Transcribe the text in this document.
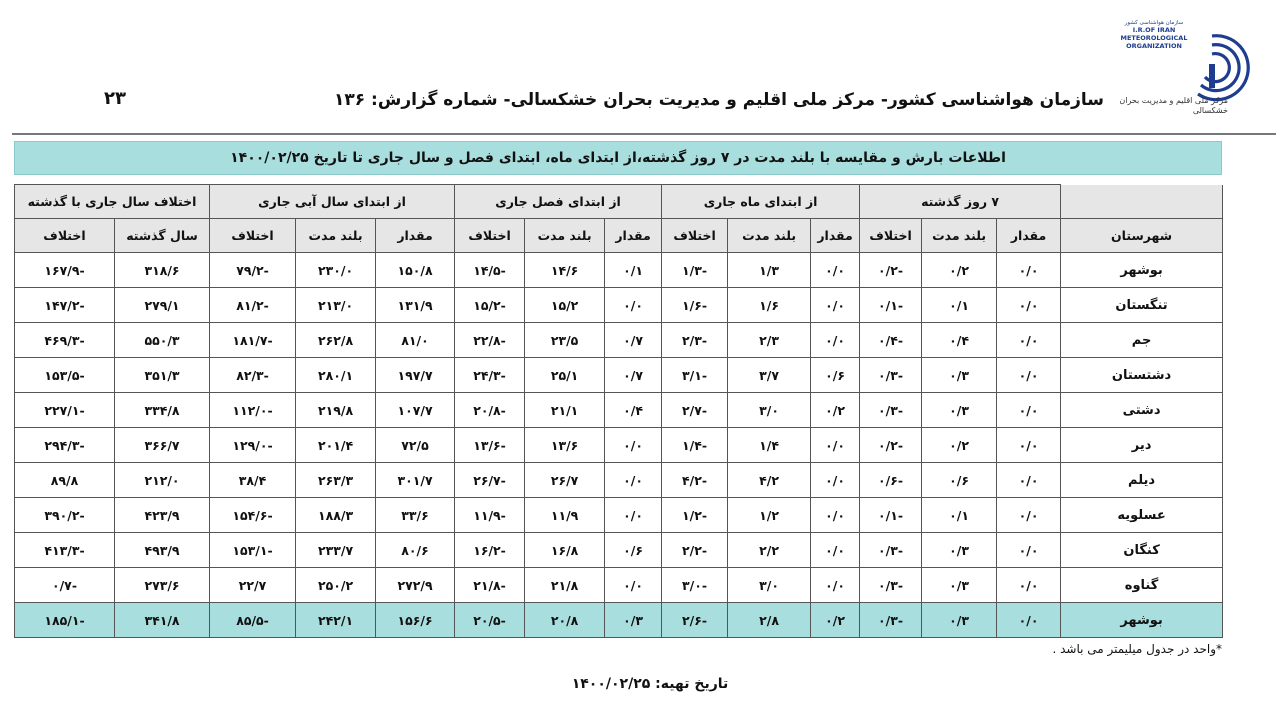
۲۳	سازمان هواشناسی کشور- مرکز ملی اقلیم و مدیریت بحران خشکسالی- شماره گزارش: ۱۳۶
سازمان هواشناسی کشور
I.R.OF IRAN
METEOROLOGICAL
ORGANIZATION
مرکز ملی اقلیم و مدیریت بحران خشکسالی
اطلاعات بارش و مقایسه با بلند مدت در ۷ روز گذشته،از ابتدای ماه، ابتدای فصل و سال جاری تا تاریخ ۱۴۰۰/۰۲/۲۵
	۷ روز گذشته			از ابتدای ماه جاری			از ابتدای فصل جاری			از ابتدای سال آبی جاری			اختلاف سال جاری با گذشته	
شهرستان	مقدار	بلند مدت	اختلاف	مقدار	بلند مدت	اختلاف	مقدار	بلند مدت	اختلاف	مقدار	بلند مدت	اختلاف	سال گذشته	اختلاف
بوشهر	۰/۰	۰/۲	-۰/۲	۰/۰	۱/۳	-۱/۳	۰/۱	۱۴/۶	-۱۴/۵	۱۵۰/۸	۲۳۰/۰	-۷۹/۲	۳۱۸/۶	-۱۶۷/۹
تنگستان	۰/۰	۰/۱	-۰/۱	۰/۰	۱/۶	-۱/۶	۰/۰	۱۵/۲	-۱۵/۲	۱۳۱/۹	۲۱۳/۰	-۸۱/۲	۲۷۹/۱	-۱۴۷/۲
جم	۰/۰	۰/۴	-۰/۴	۰/۰	۲/۳	-۲/۳	۰/۷	۲۳/۵	-۲۲/۸	۸۱/۰	۲۶۲/۸	-۱۸۱/۷	۵۵۰/۳	-۴۶۹/۳
دشتستان	۰/۰	۰/۳	-۰/۳	۰/۶	۳/۷	-۳/۱	۰/۷	۲۵/۱	-۲۴/۳	۱۹۷/۷	۲۸۰/۱	-۸۲/۳	۳۵۱/۳	-۱۵۳/۵
دشتی	۰/۰	۰/۳	-۰/۳	۰/۲	۳/۰	-۲/۷	۰/۴	۲۱/۱	-۲۰/۸	۱۰۷/۷	۲۱۹/۸	-۱۱۲/۰	۳۳۴/۸	-۲۲۷/۱
دیر	۰/۰	۰/۲	-۰/۲	۰/۰	۱/۴	-۱/۴	۰/۰	۱۳/۶	-۱۳/۶	۷۲/۵	۲۰۱/۴	-۱۲۹/۰	۳۶۶/۷	-۲۹۴/۳
دیلم	۰/۰	۰/۶	-۰/۶	۰/۰	۴/۲	-۴/۲	۰/۰	۲۶/۷	-۲۶/۷	۳۰۱/۷	۲۶۳/۳	۳۸/۴	۲۱۲/۰	۸۹/۸
عسلویه	۰/۰	۰/۱	-۰/۱	۰/۰	۱/۲	-۱/۲	۰/۰	۱۱/۹	-۱۱/۹	۳۳/۶	۱۸۸/۳	-۱۵۴/۶	۴۲۳/۹	-۳۹۰/۲
کنگان	۰/۰	۰/۳	-۰/۳	۰/۰	۲/۲	-۲/۲	۰/۶	۱۶/۸	-۱۶/۲	۸۰/۶	۲۳۳/۷	-۱۵۳/۱	۴۹۳/۹	-۴۱۳/۳
گناوه	۰/۰	۰/۳	-۰/۳	۰/۰	۳/۰	-۳/۰	۰/۰	۲۱/۸	-۲۱/۸	۲۷۲/۹	۲۵۰/۲	۲۲/۷	۲۷۳/۶	-۰/۷
بوشهر	۰/۰	۰/۳	-۰/۳	۰/۲	۲/۸	-۲/۶	۰/۳	۲۰/۸	-۲۰/۵	۱۵۶/۶	۲۴۲/۱	-۸۵/۵	۳۴۱/۸	-۱۸۵/۱
*واحد در جدول میلیمتر می باشد .
تاریخ تهیه: ۱۴۰۰/۰۲/۲۵
